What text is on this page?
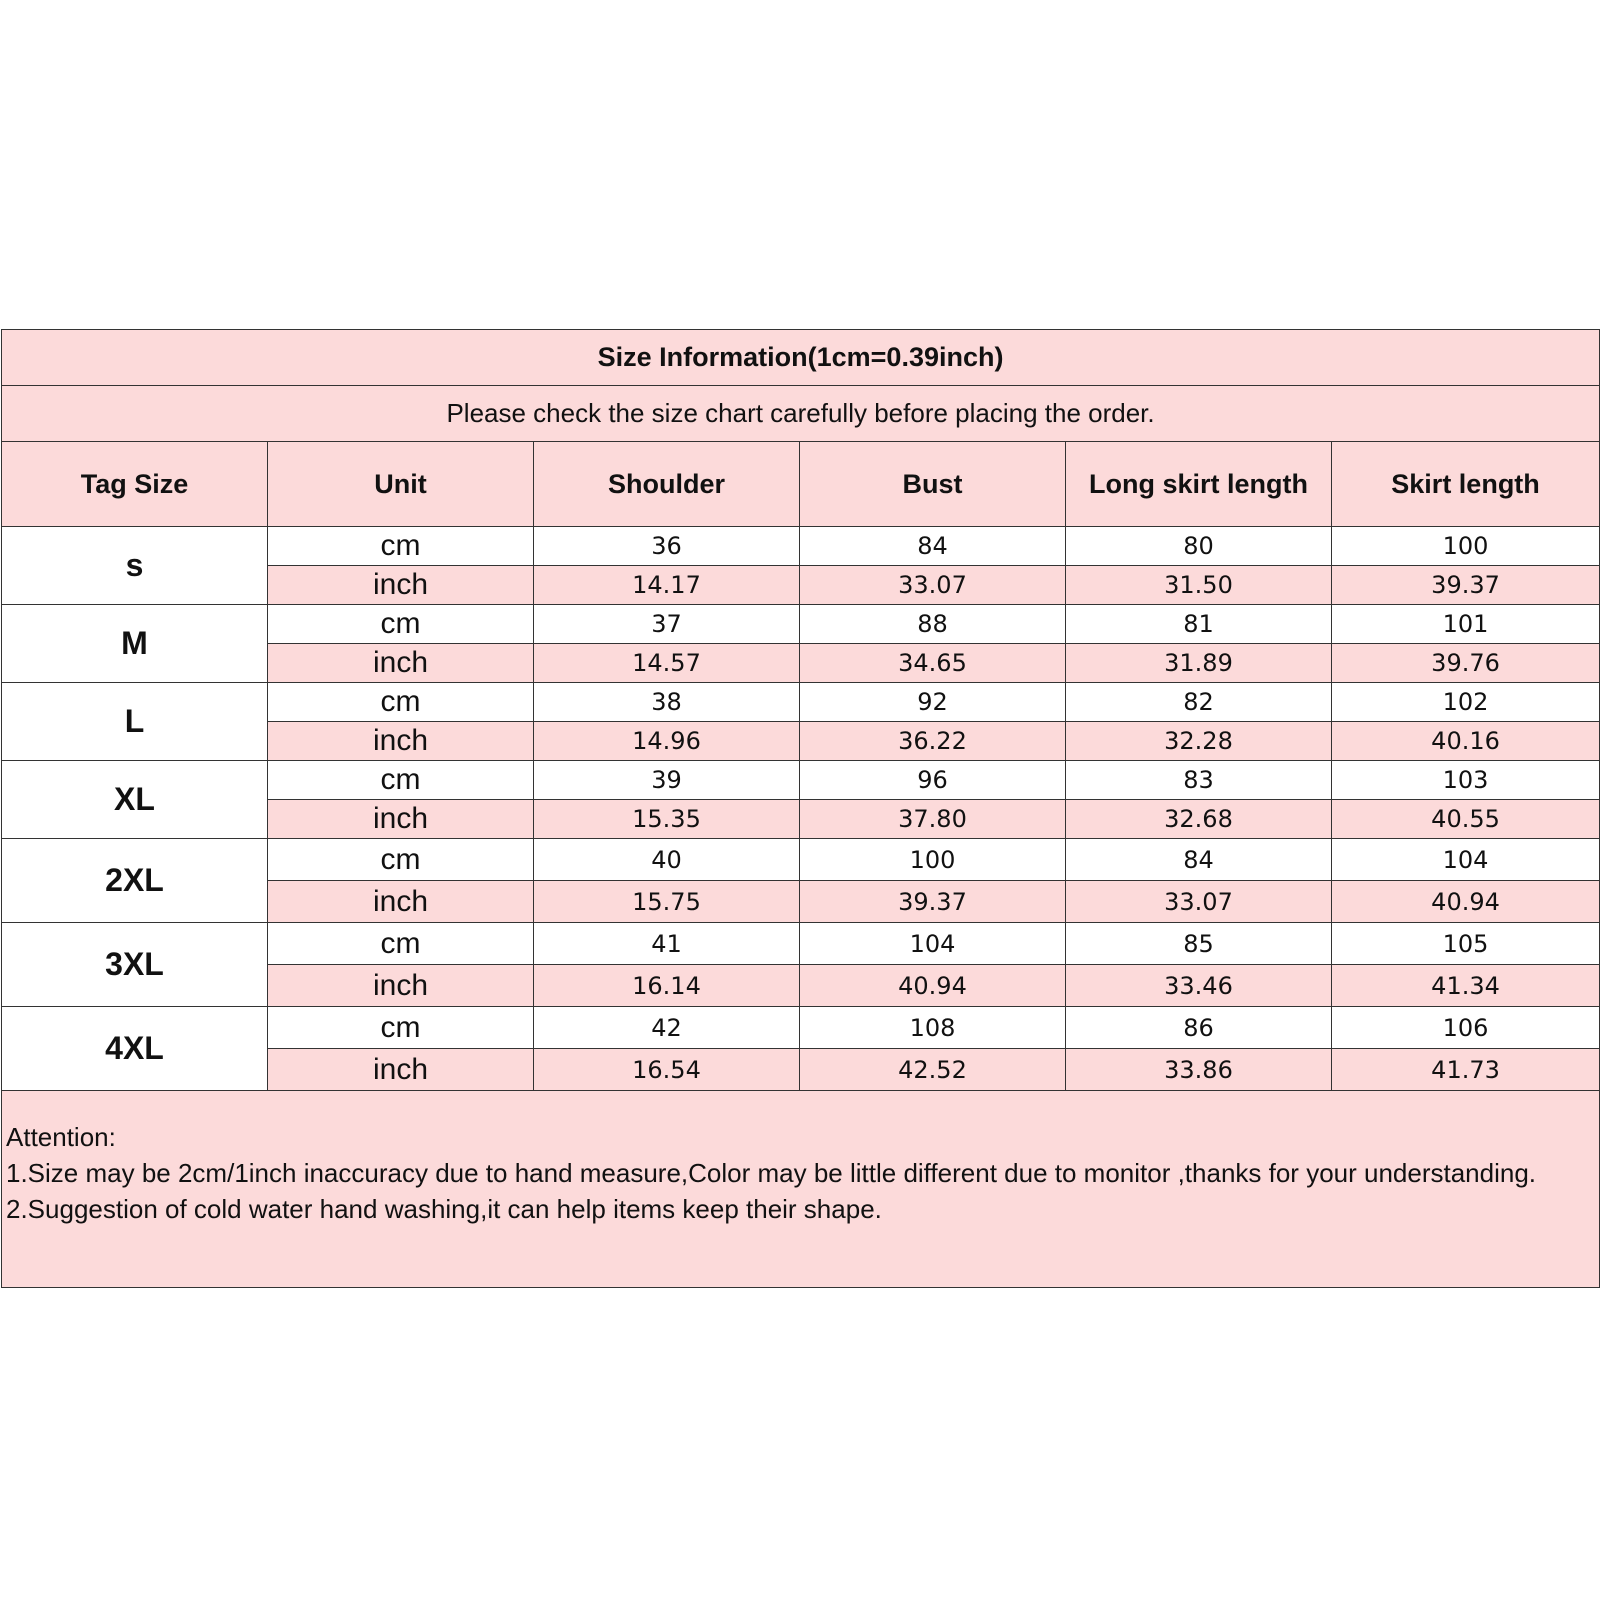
Size Information(1cm=0.39inch)					
Please check the size chart carefully before placing the order.					
Tag Size	Unit	Shoulder	Bust	Long skirt length	Skirt length
s	cm	36	84	80	100
	inch	14.17	33.07	31.50	39.37
M	cm	37	88	81	101
	inch	14.57	34.65	31.89	39.76
L	cm	38	92	82	102
	inch	14.96	36.22	32.28	40.16
XL	cm	39	96	83	103
	inch	15.35	37.80	32.68	40.55
2XL	cm	40	100	84	104
	inch	15.75	39.37	33.07	40.94
3XL	cm	41	104	85	105
	inch	16.14	40.94	33.46	41.34
4XL	cm	42	108	86	106
	inch	16.54	42.52	33.86	41.73

Attention:
1.Size may be 2cm/1inch inaccuracy due to hand measure,Color may be little different due to monitor ,thanks for your understanding.
2.Suggestion of cold water hand washing,it can help items keep their shape.					
